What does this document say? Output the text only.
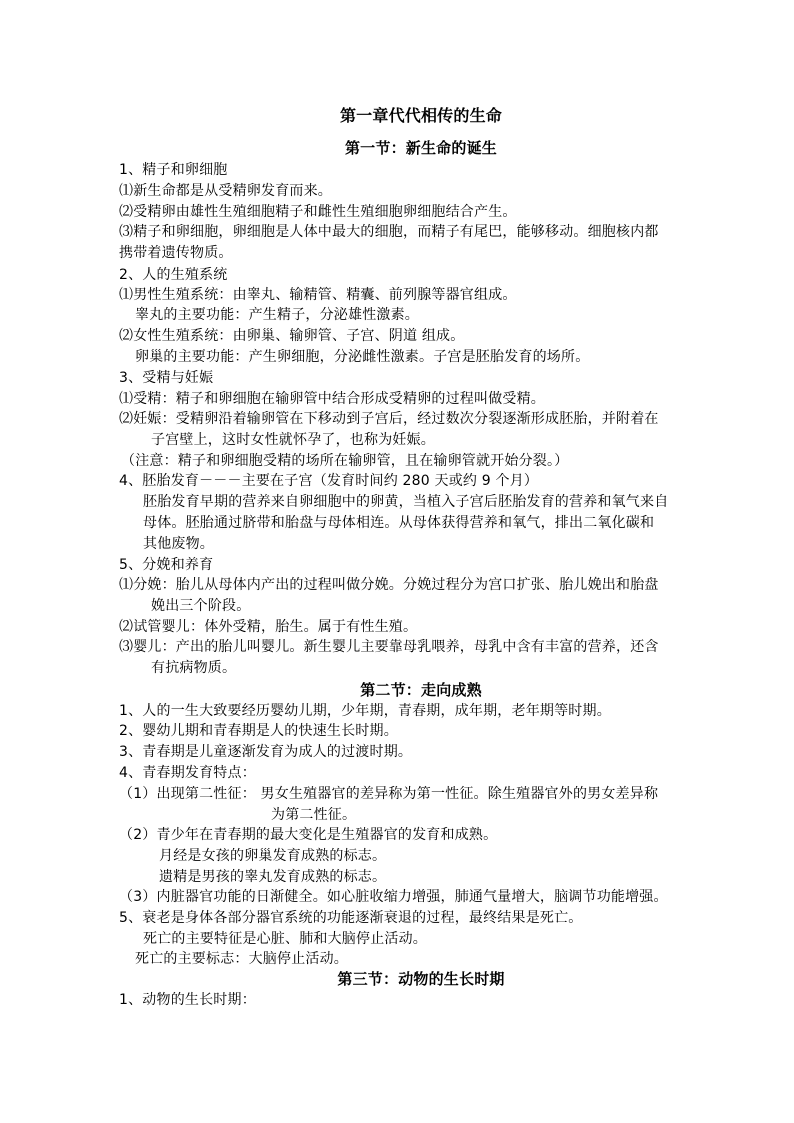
第一章代代相传的生命
第一节：新生命的诞生
1、精子和卵细胞
⑴新生命都是从受精卵发育而来。
⑵受精卵由雄性生殖细胞精子和雌性生殖细胞卵细胞结合产生。
⑶精子和卵细胞，卵细胞是人体中最大的细胞，而精子有尾巴，能够移动。细胞核内都
携带着遗传物质。
2、人的生殖系统
⑴男性生殖系统：由睾丸、输精管、精囊、前列腺等器官组成。
睾丸的主要功能：产生精子，分泌雄性激素。
⑵女性生殖系统：由卵巢、输卵管、子宫、阴道 组成。
卵巢的主要功能：产生卵细胞，分泌雌性激素。子宫是胚胎发育的场所。
3、受精与妊娠
⑴受精：精子和卵细胞在输卵管中结合形成受精卵的过程叫做受精。
⑵妊娠：受精卵沿着输卵管在下移动到子宫后，经过数次分裂逐渐形成胚胎，并附着在
子宫壁上，这时女性就怀孕了，也称为妊娠。
（注意：精子和卵细胞受精的场所在输卵管，且在输卵管就开始分裂。）
4、胚胎发育－－－主要在子宫（发育时间约 280 天或约 9 个月）
胚胎发育早期的营养来自卵细胞中的卵黄，当植入子宫后胚胎发育的营养和氧气来自
母体。胚胎通过脐带和胎盘与母体相连。从母体获得营养和氧气，排出二氧化碳和
其他废物。
5、分娩和养育
⑴分娩：胎儿从母体内产出的过程叫做分娩。分娩过程分为宫口扩张、胎儿娩出和胎盘
娩出三个阶段。
⑵试管婴儿：体外受精，胎生。属于有性生殖。
⑶婴儿：产出的胎儿叫婴儿。新生婴儿主要靠母乳喂养，母乳中含有丰富的营养，还含
有抗病物质。
第二节：走向成熟
1、人的一生大致要经历婴幼儿期，少年期，青春期，成年期，老年期等时期。
2、婴幼儿期和青春期是人的快速生长时期。
3、青春期是儿童逐渐发育为成人的过渡时期。
4、青春期发育特点：
（1）出现第二性征： 男女生殖器官的差异称为第一性征。除生殖器官外的男女差异称
为第二性征。
（2）青少年在青春期的最大变化是生殖器官的发育和成熟。
月经是女孩的卵巢发育成熟的标志。
遗精是男孩的睾丸发育成熟的标志。
（3）内脏器官功能的日渐健全。如心脏收缩力增强，肺通气量增大，脑调节功能增强。
5、衰老是身体各部分器官系统的功能逐渐衰退的过程，最终结果是死亡。
死亡的主要特征是心脏、肺和大脑停止活动。
死亡的主要标志：大脑停止活动。
第三节：动物的生长时期
1、动物的生长时期：
